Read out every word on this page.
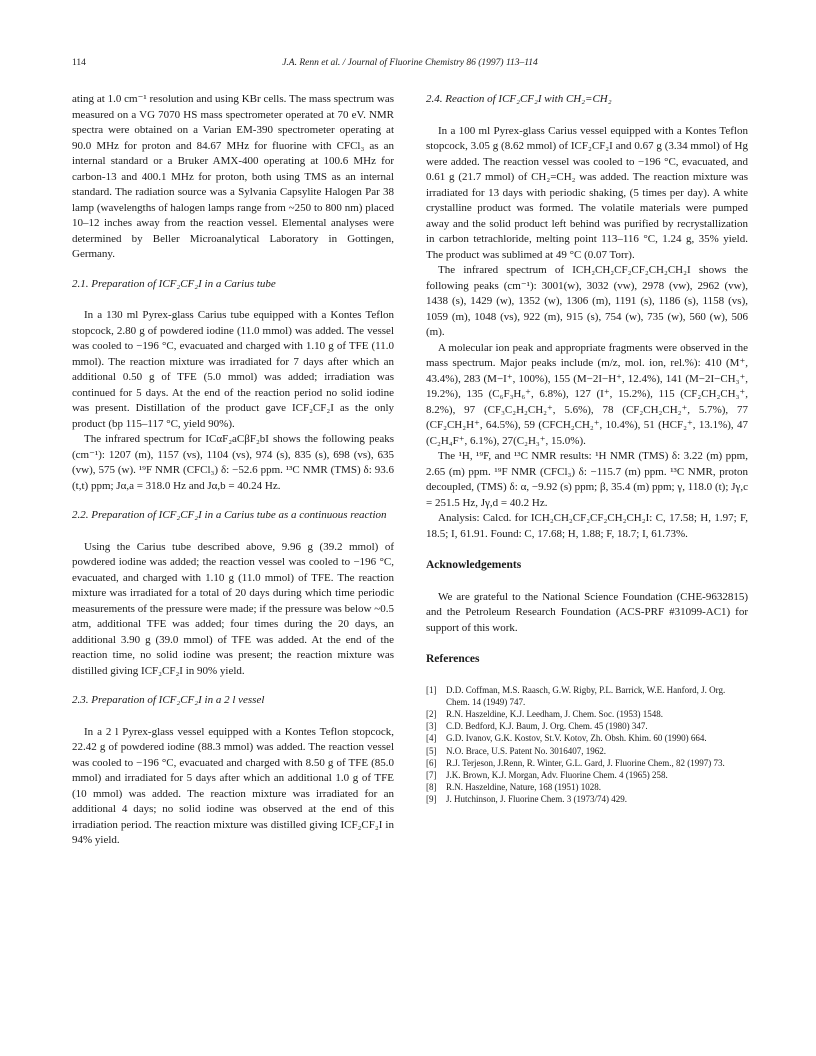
114	J.A. Renn et al. / Journal of Fluorine Chemistry 86 (1997) 113–114

ating at 1.0 cm⁻¹ resolution and using KBr cells. The mass spectrum was measured on a VG 7070 HS mass spectrometer operated at 70 eV. NMR spectra were obtained on a Varian EM-390 spectrometer operating at 90.0 MHz for proton and 84.67 MHz for fluorine with CFCl₃ as an internal standard or a Bruker AMX-400 operating at 100.6 MHz for carbon-13 and 400.1 MHz for proton, both using TMS as an internal standard. The radiation source was a Sylvania Capsylite Halogen Par 38 lamp (wavelengths of halogen lamps range from ~250 to 800 nm) placed 10–12 inches away from the reaction vessel. Elemental analyses were determined by Beller Microanalytical Laboratory in Gottingen, Germany.

2.1. Preparation of ICF₂CF₂I in a Carius tube

In a 130 ml Pyrex-glass Carius tube equipped with a Kontes Teflon stopcock, 2.80 g of powdered iodine (11.0 mmol) was added. The vessel was cooled to −196 °C, evacuated and charged with 1.10 g of TFE (11.0 mmol). The reaction mixture was irradiated for 7 days after which an additional 0.50 g of TFE (5.0 mmol) was added; irradiation was continued for 5 days. At the end of the reaction period no solid iodine was present. Distillation of the product gave ICF₂CF₂I as the only product (bp 115–117 °C, yield 90%).

The infrared spectrum for ICαF₂aCβF₂bI shows the following peaks (cm⁻¹): 1207 (m), 1157 (vs), 1104 (vs), 974 (s), 835 (s), 698 (vs), 635 (vw), 575 (w). ¹⁹F NMR (CFCl₃) δ: −52.6 ppm. ¹³C NMR (TMS) δ: 93.6 (t,t) ppm; Jα,a = 318.0 Hz and Jα,b = 40.24 Hz.

2.2. Preparation of ICF₂CF₂I in a Carius tube as a continuous reaction

Using the Carius tube described above, 9.96 g (39.2 mmol) of powdered iodine was added; the reaction vessel was cooled to −196 °C, evacuated, and charged with 1.10 g (11.0 mmol) of TFE. The reaction mixture was irradiated for a total of 20 days during which time periodic measurements of the pressure were made; if the pressure was below ~0.5 atm, additional TFE was added; four times during the 20 days, an additional 3.90 g (39.0 mmol) of TFE was added. At the end of the reaction time, no solid iodine was present; the reaction mixture was distilled giving ICF₂CF₂I in 90% yield.

2.3. Preparation of ICF₂CF₂I in a 2 l vessel

In a 2 l Pyrex-glass vessel equipped with a Kontes Teflon stopcock, 22.42 g of powdered iodine (88.3 mmol) was added. The reaction vessel was cooled to −196 °C, evacuated and charged with 8.50 g of TFE (85.0 mmol) and irradiated for 5 days after which an additional 1.0 g of TFE (10 mmol) was added. The reaction mixture was irradiated for an additional 4 days; no solid iodine was observed at the end of this irradiation period. The reaction mixture was distilled giving ICF₂CF₂I in 94% yield.

2.4. Reaction of ICF₂CF₂I with CH₂=CH₂

In a 100 ml Pyrex-glass Carius vessel equipped with a Kontes Teflon stopcock, 3.05 g (8.62 mmol) of ICF₂CF₂I and 0.67 g (3.34 mmol) of Hg were added. The reaction vessel was cooled to −196 °C, evacuated, and 0.61 g (21.7 mmol) of CH₂=CH₂ was added. The reaction mixture was irradiated for 13 days with periodic shaking, (5 times per day). A white crystalline product was formed. The volatile materials were pumped away and the solid product left behind was purified by recrystallization in carbon tetrachloride, melting point 113–116 °C, 1.24 g, 35% yield. The product was sublimed at 49 °C (0.07 Torr).

The infrared spectrum of ICH₂CH₂CF₂CF₂CH₂CH₂I shows the following peaks (cm⁻¹): 3001(w), 3032 (vw), 2978 (vw), 2962 (vw), 1438 (s), 1429 (w), 1352 (w), 1306 (m), 1191 (s), 1186 (s), 1158 (vs), 1059 (m), 1048 (vs), 922 (m), 915 (s), 754 (w), 735 (w), 560 (w), 506 (m).

A molecular ion peak and appropriate fragments were observed in the mass spectrum. Major peaks include (m/z, mol. ion, rel.%): 410 (M⁺, 43.4%), 283 (M−I⁺, 100%), 155 (M−2I−H⁺, 12.4%), 141 (M−2I−CH₃⁺, 19.2%), 135 (C₆F₃H₆⁺, 6.8%), 127 (I⁺, 15.2%), 115 (CF₂CH₂CH₃⁺, 8.2%), 97 (CF₃C₂H₂CH₂⁺, 5.6%), 78 (CF₂CH₂CH₂⁺, 5.7%), 77 (CF₂CH₂H⁺, 64.5%), 59 (CFCH₂CH₂⁺, 10.4%), 51 (HCF₂⁺, 13.1%), 47 (C₂H₄F⁺, 6.1%), 27(C₂H₃⁺, 15.0%).

The ¹H, ¹⁹F, and ¹³C NMR results: ¹H NMR (TMS) δ: 3.22 (m) ppm, 2.65 (m) ppm. ¹⁹F NMR (CFCl₃) δ: −115.7 (m) ppm. ¹³C NMR, proton decoupled, (TMS) δ: α, −9.92 (s) ppm; β, 35.4 (m) ppm; γ, 118.0 (t); Jγ,c = 251.5 Hz, Jγ,d = 40.2 Hz.

Analysis: Calcd. for ICH₂CH₂CF₂CF₂CH₂CH₂I: C, 17.58; H, 1.97; F, 18.5; I, 61.91. Found: C, 17.68; H, 1.88; F, 18.7; I, 61.73%.

Acknowledgements

We are grateful to the National Science Foundation (CHE-9632815) and the Petroleum Research Foundation (ACS-PRF #31099-AC1) for support of this work.

References
[1] D.D. Coffman, M.S. Raasch, G.W. Rigby, P.L. Barrick, W.E. Hanford, J. Org. Chem. 14 (1949) 747.
[2] R.N. Haszeldine, K.J. Leedham, J. Chem. Soc. (1953) 1548.
[3] C.D. Bedford, K.J. Baum, J. Org. Chem. 45 (1980) 347.
[4] G.D. Ivanov, G.K. Kostov, St.V. Kotov, Zh. Obsh. Khim. 60 (1990) 664.
[5] N.O. Brace, U.S. Patent No. 3016407, 1962.
[6] R.J. Terjeson, J.Renn, R. Winter, G.L. Gard, J. Fluorine Chem., 82 (1997) 73.
[7] J.K. Brown, K.J. Morgan, Adv. Fluorine Chem. 4 (1965) 258.
[8] R.N. Haszeldine, Nature, 168 (1951) 1028.
[9] J. Hutchinson, J. Fluorine Chem. 3 (1973/74) 429.
